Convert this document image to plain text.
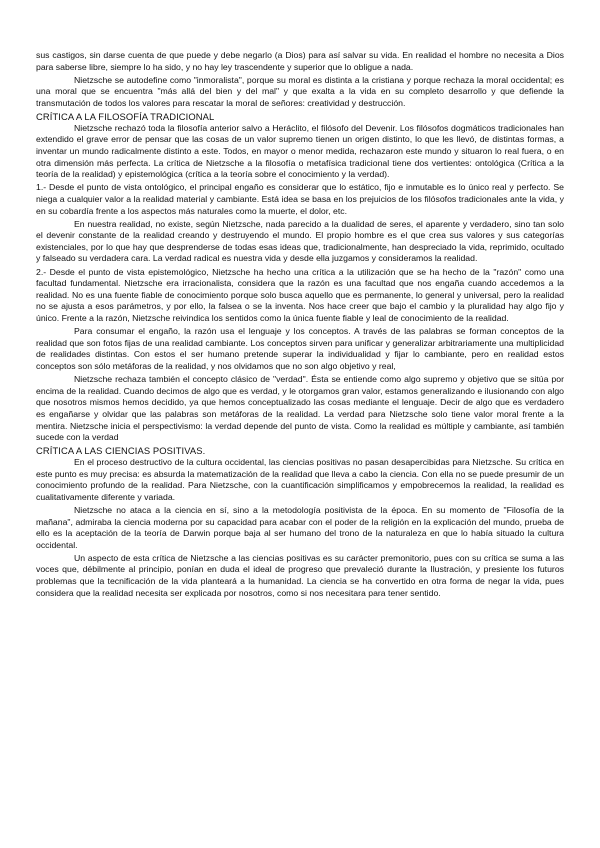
sus castigos, sin darse cuenta de que puede y debe negarlo (a Dios) para así salvar su vida. En realidad el hombre no necesita a Dios para saberse libre, siempre lo ha sido, y no hay ley trascendente y superior que lo obligue a nada.

Nietzsche se autodefine como "inmoralista", porque su moral es distinta a la cristiana y porque rechaza la moral occidental; es una moral que se encuentra "más allá del bien y del mal" y que exalta a la vida en su completo desarrollo y que defiende la transmutación de todos los valores para rescatar la moral de señores: creatividad y destrucción.

CRÍTICA A LA FILOSOFÍA TRADICIONAL

Nietzsche rechazó toda la filosofía anterior salvo a Heráclito, el filósofo del Devenir. Los filósofos dogmáticos tradicionales han extendido el grave error de pensar que las cosas de un valor supremo tienen un origen distinto, lo que les llevó, de distintas formas, a inventar un mundo radicalmente distinto a este. Todos, en mayor o menor medida, rechazaron este mundo y situaron lo real fuera, o en otra dimensión más perfecta. La crítica de Nietzsche a la filosofía o metafísica tradicional tiene dos vertientes: ontológica (Crítica a la teoría de la realidad) y epistemológica (crítica a la teoría sobre el conocimiento y la verdad).

1.- Desde el punto de vista ontológico, el principal engaño es considerar que lo estático, fijo e inmutable es lo único real y perfecto. Se niega a cualquier valor a la realidad material y cambiante. Está idea se basa en los prejuicios de los filósofos tradicionales ante la vida, y en su cobardía frente a los aspectos más naturales como la muerte, el dolor, etc.

En nuestra realidad, no existe, según Nietzsche, nada parecido a la dualidad de seres, el aparente y verdadero, sino tan solo el devenir constante de la realidad creando y destruyendo el mundo. El propio hombre es el que crea sus valores y sus categorías existenciales, por lo que hay que desprenderse de todas esas ideas que, tradicionalmente, han despreciado la vida, reprimido, ocultado y falseado su verdadera cara. La verdad radical es nuestra vida y desde ella juzgamos y consideramos la realidad.

2.- Desde el punto de vista epistemológico, Nietzsche ha hecho una crítica a la utilización que se ha hecho de la "razón" como una facultad fundamental. Nietzsche era irracionalista, considera que la razón es una facultad que nos engaña cuando accedemos a la realidad. No es una fuente fiable de conocimiento porque solo busca aquello que es permanente, lo general y universal, pero la realidad no se ajusta a esos parámetros, y por ello, la falsea o se la inventa. Nos hace creer que bajo el cambio y la pluralidad hay algo fijo y único. Frente a la razón, Nietzsche reivindica los sentidos como la única fuente fiable y leal de conocimiento de la realidad.

Para consumar el engaño, la razón usa el lenguaje y los conceptos. A través de las palabras se forman conceptos de la realidad que son fotos fijas de una realidad cambiante. Los conceptos sirven para unificar y generalizar arbitrariamente una multiplicidad de realidades distintas. Con estos el ser humano pretende superar la individualidad y fijar lo cambiante, pero en realidad estos conceptos son sólo metáforas de la realidad, y nos olvidamos que no son algo objetivo y real,

Nietzsche rechaza también el concepto clásico de "verdad". Ésta se entiende como algo supremo y objetivo que se sitúa por encima de la realidad. Cuando decimos de algo que es verdad, y le otorgamos gran valor, estamos generalizando e ilusionando con algo que nosotros mismos hemos decidido, ya que hemos conceptualizado las cosas mediante el lenguaje. Decir de algo que es verdadero es engañarse y olvidar que las palabras son metáforas de la realidad. La verdad para Nietzsche solo tiene valor moral frente a la mentira. Nietzsche inicia el perspectivismo: la verdad depende del punto de vista. Como la realidad es múltiple y cambiante, así también sucede con la verdad

CRÍTICA A LAS CIENCIAS POSITIVAS.

En el proceso destructivo de la cultura occidental, las ciencias positivas no pasan desapercibidas para Nietzsche. Su crítica en este punto es muy precisa: es absurda la matematización de la realidad que lleva a cabo la ciencia. Con ella no se puede presumir de un conocimiento profundo de la realidad. Para Nietzsche, con la cuantificación simplificamos y empobrecemos la realidad, la realidad es cualitativamente diferente y variada.

Nietzsche no ataca a la ciencia en sí, sino a la metodología positivista de la época. En su momento de "Filosofía de la mañana", admiraba la ciencia moderna por su capacidad para acabar con el poder de la religión en la explicación del mundo, prueba de ello es la aceptación de la teoría de Darwin porque baja al ser humano del trono de la naturaleza en que lo había situado la cultura occidental.

Un aspecto de esta crítica de Nietzsche a las ciencias positivas es su carácter premonitorio, pues con su crítica se suma a las voces que, débilmente al principio, ponían en duda el ideal de progreso que prevaleció durante la Ilustración, y presiente los futuros problemas que la tecnificación de la vida planteará a la humanidad. La ciencia se ha convertido en otra forma de negar la vida, pues considera que la realidad necesita ser explicada por nosotros, como si nos necesitara para tener sentido.
